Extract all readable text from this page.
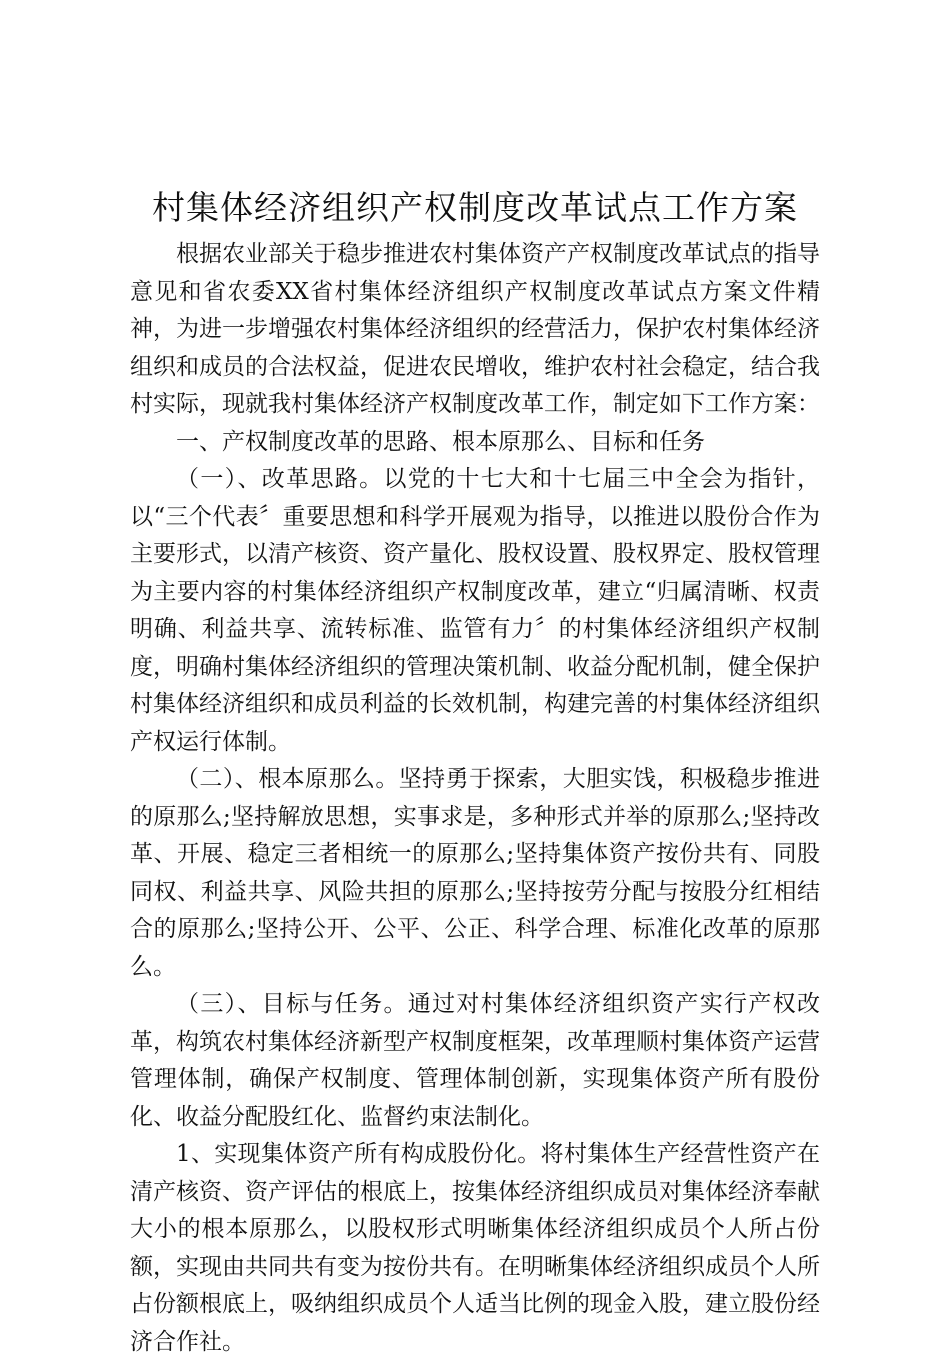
村集体经济组织产权制度改革试点工作方案

根据农业部关于稳步推进农村集体资产产权制度改革试点的指导意见和省农委XX省村集体经济组织产权制度改革试点方案文件精神，为进一步增强农村集体经济组织的经营活力，保护农村集体经济组织和成员的合法权益，促进农民增收，维护农村社会稳定，结合我村实际，现就我村集体经济产权制度改革工作，制定如下工作方案：

一、产权制度改革的思路、根本原那么、目标和任务

（一）、改革思路。以党的十七大和十七届三中全会为指针，以“三个代表〞重要思想和科学开展观为指导，以推进以股份合作为主要形式，以清产核资、资产量化、股权设置、股权界定、股权管理为主要内容的村集体经济组织产权制度改革，建立“归属清晰、权责明确、利益共享、流转标准、监管有力〞的村集体经济组织产权制度，明确村集体经济组织的管理决策机制、收益分配机制，健全保护村集体经济组织和成员利益的长效机制，构建完善的村集体经济组织产权运行体制。

（二）、根本原那么。坚持勇于探索，大胆实饯，积极稳步推进的原那么;坚持解放思想，实事求是，多种形式并举的原那么;坚持改革、开展、稳定三者相统一的原那么;坚持集体资产按份共有、同股同权、利益共享、风险共担的原那么;坚持按劳分配与按股分红相结合的原那么;坚持公开、公平、公正、科学合理、标准化改革的原那么。

（三）、目标与任务。通过对村集体经济组织资产实行产权改革，构筑农村集体经济新型产权制度框架，改革理顺村集体资产运营管理体制，确保产权制度、管理体制创新，实现集体资产所有股份化、收益分配股红化、监督约束法制化。

1、实现集体资产所有构成股份化。将村集体生产经营性资产在清产核资、资产评估的根底上，按集体经济组织成员对集体经济奉献大小的根本原那么，以股权形式明晰集体经济组织成员个人所占份额，实现由共同共有变为按份共有。在明晰集体经济组织成员个人所占份额根底上，吸纳组织成员个人适当比例的现金入股，建立股份经济合作社。
